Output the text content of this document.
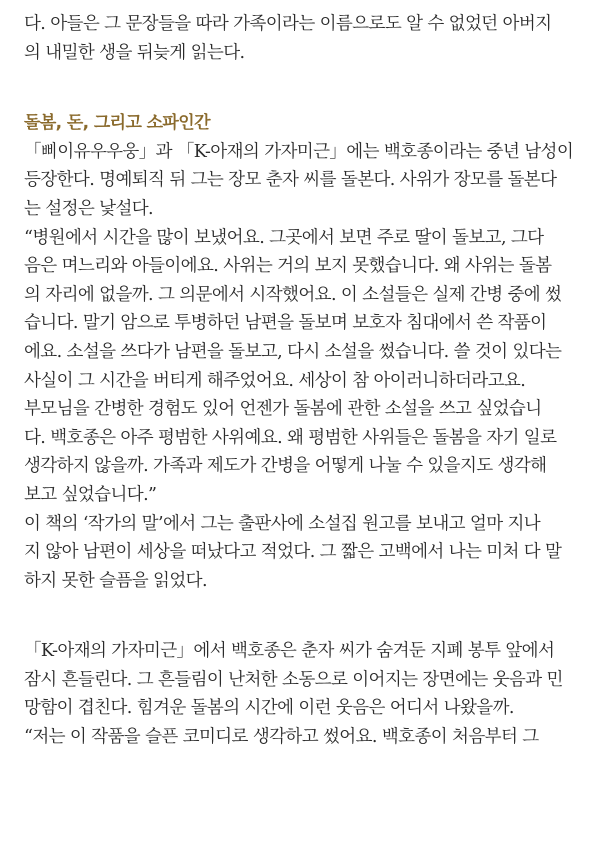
다. 아들은 그 문장들을 따라 가족이라는 이름으로도 알 수 없었던 아버지
의 내밀한 생을 뒤늦게 읽는다.
돌봄, 돈, 그리고 소파인간
「삐이유우우웅」과 「K-아재의 가자미근」에는 백호종이라는 중년 남성이
등장한다. 명예퇴직 뒤 그는 장모 춘자 씨를 돌본다. 사위가 장모를 돌본다
는 설정은 낯설다.
“병원에서 시간을 많이 보냈어요. 그곳에서 보면 주로 딸이 돌보고, 그다
음은 며느리와 아들이에요. 사위는 거의 보지 못했습니다. 왜 사위는 돌봄
의 자리에 없을까. 그 의문에서 시작했어요. 이 소설들은 실제 간병 중에 썼
습니다. 말기 암으로 투병하던 남편을 돌보며 보호자 침대에서 쓴 작품이
에요. 소설을 쓰다가 남편을 돌보고, 다시 소설을 썼습니다. 쓸 것이 있다는
사실이 그 시간을 버티게 해주었어요. 세상이 참 아이러니하더라고요.
부모님을 간병한 경험도 있어 언젠가 돌봄에 관한 소설을 쓰고 싶었습니
다. 백호종은 아주 평범한 사위예요. 왜 평범한 사위들은 돌봄을 자기 일로
생각하지 않을까. 가족과 제도가 간병을 어떻게 나눌 수 있을지도 생각해
보고 싶었습니다.”
이 책의 ‘작가의 말’에서 그는 출판사에 소설집 원고를 보내고 얼마 지나
지 않아 남편이 세상을 떠났다고 적었다. 그 짧은 고백에서 나는 미처 다 말
하지 못한 슬픔을 읽었다.
「K-아재의 가자미근」에서 백호종은 춘자 씨가 숨겨둔 지폐 봉투 앞에서
잠시 흔들린다. 그 흔들림이 난처한 소동으로 이어지는 장면에는 웃음과 민
망함이 겹친다. 힘겨운 돌봄의 시간에 이런 웃음은 어디서 나왔을까.
“저는 이 작품을 슬픈 코미디로 생각하고 썼어요. 백호종이 처음부터 그
